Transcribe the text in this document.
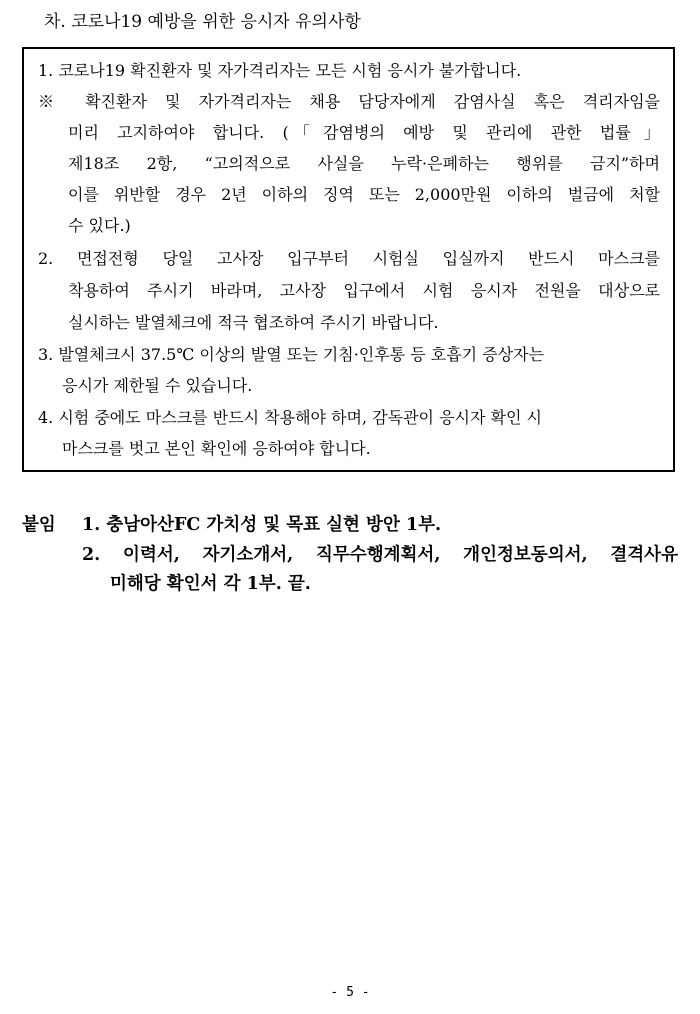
차. 코로나19 예방을 위한 응시자 유의사항
1. 코로나19 확진환자 및 자가격리자는 모든 시험 응시가 불가합니다.
※ 확진환자 및 자가격리자는 채용 담당자에게 감염사실 혹은 격리자임을
미리 고지하여야 합니다. (「감염병의 예방 및 관리에 관한 법률」
제18조 2항, “고의적으로 사실을 누락·은폐하는 행위를 금지”하며
이를 위반할 경우 2년 이하의 징역 또는 2,000만원 이하의 벌금에 처할
수 있다.)
2. 면접전형 당일 고사장 입구부터 시험실 입실까지 반드시 마스크를
착용하여 주시기 바라며, 고사장 입구에서 시험 응시자 전원을 대상으로
실시하는 발열체크에 적극 협조하여 주시기 바랍니다.
3. 발열체크시 37.5℃ 이상의 발열 또는 기침·인후통 등 호흡기 증상자는
응시가 제한될 수 있습니다.
4. 시험 중에도 마스크를 반드시 착용해야 하며, 감독관이 응시자 확인 시
마스크를 벗고 본인 확인에 응하여야 합니다.
붙임 1. 충남아산FC 가치성 및 목표 실현 방안 1부.
2. 이력서, 자기소개서, 직무수행계획서, 개인정보동의서, 결격사유
미해당 확인서 각 1부. 끝.
- 5 -
